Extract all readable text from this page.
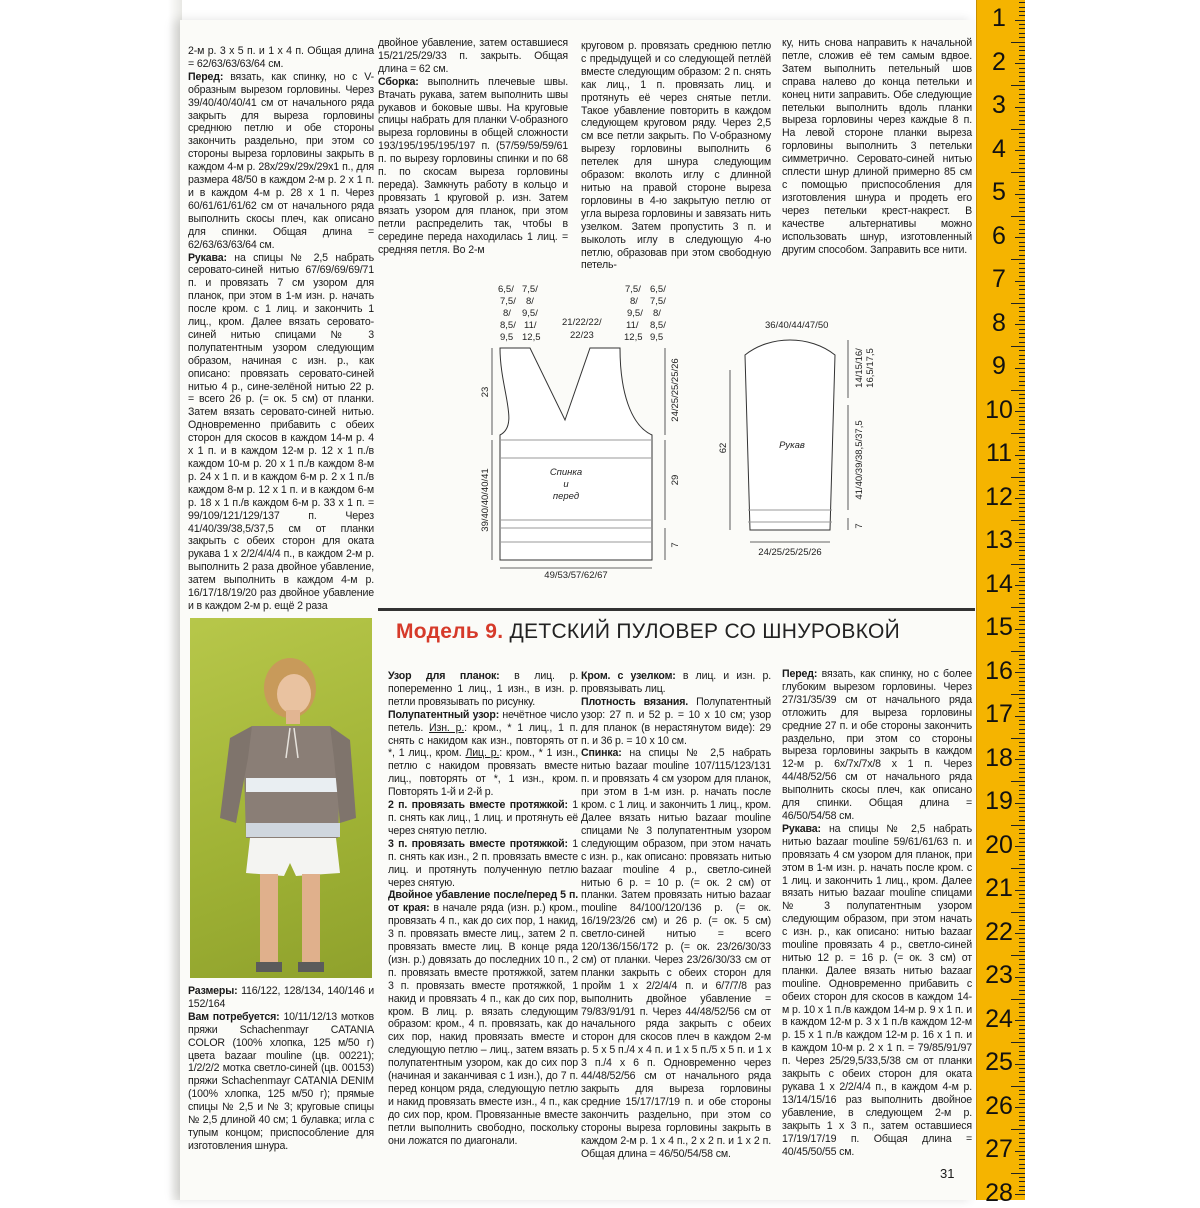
2-м р. 3 х 5 п. и 1 х 4 п. Общая длина = 62/63/63/63/64 см.

Перед: вязать, как спинку, но с V-образным вырезом горловины. Через 39/40/40/40/41 см от начального ряда закрыть для выреза горловины среднюю петлю и обе стороны закончить раздельно, при этом со стороны выреза горловины закрыть в каждом 4-м р. 28х/29х/29х/29х1 п., для размера 48/50 в каждом 2-м р. 2 х 1 п. и в каждом 4-м р. 28 х 1 п. Через 60/61/61/61/62 см от начального ряда выполнить скосы плеч, как описано для спинки. Общая длина = 62/63/63/63/64 см.

Рукава: на спицы № 2,5 набрать серовато-синей нитью 67/69/69/69/71 п. и провязать 7 см узором для планок, при этом в 1-м изн. р. начать после кром. с 1 лиц. и закончить 1 лиц., кром. Далее вязать серовато-синей нитью спицами № 3 полупатентным узором следующим образом, начиная с изн. р., как описано: провязать серовато-синей нитью 4 р., сине-зелёной нитью 22 р. = всего 26 р. (= ок. 5 см) от планки. Затем вязать серовато-синей нитью. Одновременно прибавить с обеих сторон для скосов в каждом 14-м р. 4 х 1 п. и в каждом 12-м р. 12 х 1 п./в каждом 10-м р. 20 х 1 п./в каждом 8-м р. 24 х 1 п. и в каждом 6-м р. 2 х 1 п./в каждом 8-м р. 12 х 1 п. и в каждом 6-м р. 18 х 1 п./в каждом 6-м р. 33 х 1 п. = 99/109/121/129/137 п. Через 41/40/39/38,5/37,5 см от планки закрыть с обеих сторон для оката рукава 1 х 2/2/4/4/4 п., в каждом 2-м р. выполнить 2 раза двойное убавление, затем выполнить в каждом 4-м р. 16/17/18/19/20 раз двойное убавление и в каждом 2-м р. ещё 2 раза

двойное убавление, затем оставшиеся 15/21/25/29/33 п. закрыть. Общая длина = 62 см.

Сборка: выполнить плечевые швы. Втачать рукава, затем выполнить швы рукавов и боковые швы. На круговые спицы набрать для планки V-образного выреза горловины в общей сложности 193/195/195/195/197 п. (57/59/59/59/61 п. по вырезу горловины спинки и по 68 п. по скосам выреза горловины переда). Замкнуть работу в кольцо и провязать 1 круговой р. изн. Затем вязать узором для планок, при этом петли распределить так, чтобы в середине переда находилась 1 лиц. = средняя петля. Во 2-м

круговом р. провязать среднюю петлю с предыдущей и со следующей петлёй вместе следующим образом: 2 п. снять как лиц., 1 п. провязать лиц. и протянуть её через снятые петли. Такое убавление повторить в каждом следующем круговом ряду. Через 2,5 см все петли закрыть. По V-образному вырезу горловины выполнить 6 петелек для шнура следующим образом: вколоть иглу с длинной нитью на правой стороне выреза горловины в 4-ю закрытую петлю от угла выреза горловины и завязать нить узелком. Затем пропустить 3 п. и выколоть иглу в следующую 4-ю петлю, образовав при этом свободную петель-

ку, нить снова направить к начальной петле, сложив её тем самым вдвое. Затем выполнить петельный шов справа налево до конца петельки и конец нити заправить. Обе следующие петельки выполнить вдоль планки выреза горловины через каждые 8 п. На левой стороне планки выреза горловины выполнить 3 петельки симметрично. Серовато-синей нитью сплести шнур длиной примерно 85 см с помощью приспособления для изготовления шнура и продеть его через петельки крест-накрест. В качестве альтернативы можно использовать шнур, изготовленный другим способом. Заправить все нити.

Спинка
и
перед
6,5/
7,5/
8/
8,5/
9,5
7,5/
8/
9,5/
11/
12,5
21/22/22/
22/23
7,5/
8/
9,5/
11/
12,5
6,5/
7,5/
8/
8,5/
9,5
23
39/40/40/40/41
24/25/25/25/26
29
7
49/53/57/62/67
36/40/44/47/50
Рукав
62
14/15/16/ 16,5/17,5
41/40/39/38,5/37,5
7
24/25/25/25/26
Модель 9. ДЕТСКИЙ ПУЛОВЕР СО ШНУРОВКОЙ

Узор для планок: в лиц. р. попеременно 1 лиц., 1 изн., в изн. р. петли провязывать по рисунку.

Полупатентный узор: нечётное число петель. Изн. р.: кром., * 1 лиц., 1 п. снять с накидом как изн., повторять от *, 1 лиц., кром. Лиц. р.: кром., * 1 изн., петлю с накидом провязать вместе лиц., повторять от *, 1 изн., кром. Повторять 1-й и 2-й р.

2 п. провязать вместе протяжкой: 1 п. снять как лиц., 1 лиц. и протянуть её через снятую петлю.

3 п. провязать вместе протяжкой: 1 п. снять как изн., 2 п. провязать вместе лиц. и протянуть полученную петлю через снятую.

Двойное убавление после/перед 5 п. от края: в начале ряда (изн. р.) кром., провязать 4 п., как до сих пор, 1 накид, 3 п. провязать вместе лиц., затем 2 п. провязать вместе лиц. В конце ряда (изн. р.) довязать до последних 10 п., 2 п. провязать вместе протяжкой, затем 3 п. провязать вместе протяжкой, 1 накид и провязать 4 п., как до сих пор, кром. В лиц. р. вязать следующим образом: кром., 4 п. провязать, как до сих пор, накид провязать вместе и следующую петлю – лиц., затем вязать полупатентным узором, как до сих пор (начиная и заканчивая с 1 изн.), до 7 п. перед концом ряда, следующую петлю и накид провязать вместе изн., 4 п., как до сих пор, кром. Провязанные вместе петли выполнить свободно, поскольку они ложатся по диагонали.

Кром. с узелком: в лиц. и изн. р. провязывать лиц.

Плотность вязания. Полупатентный узор: 27 п. и 52 р. = 10 х 10 см; узор для планок (в нерастянутом виде): 29 п. и 36 р. = 10 х 10 см.

Спинка: на спицы № 2,5 набрать нитью bazaar mouline 107/115/123/131 п. и провязать 4 см узором для планок, при этом в 1-м изн. р. начать после кром. с 1 лиц. и закончить 1 лиц., кром. Далее вязать нитью bazaar mouline спицами № 3 полупатентным узором следующим образом, при этом начать с изн. р., как описано: провязать нитью bazaar mouline 4 р., светло-синей нитью 6 р. = 10 р. (= ок. 2 см) от планки. Затем провязать нитью bazaar mouline 84/100/120/136 р. (= ок. 16/19/23/26 см) и 26 р. (= ок. 5 см) светло-синей нитью = всего 120/136/156/172 р. (= ок. 23/26/30/33 см) от планки. Через 23/26/30/33 см от планки закрыть с обеих сторон для пройм 1 х 2/2/4/4 п. и 6/7/7/8 раз выполнить двойное убавление = 79/83/91/91 п. Через 44/48/52/56 см от начального ряда закрыть с обеих сторон для скосов плеч в каждом 2-м р. 5 х 5 п./4 х 4 п. и 1 х 5 п./5 х 5 п. и 1 х 3 п./4 х 6 п. Одновременно через 44/48/52/56 см от начального ряда закрыть для выреза горловины средние 15/17/17/19 п. и обе стороны закончить раздельно, при этом со стороны выреза горловины закрыть в каждом 2-м р. 1 х 4 п., 2 х 2 п. и 1 х 2 п. Общая длина = 46/50/54/58 см.

Перед: вязать, как спинку, но с более глубоким вырезом горловины. Через 27/31/35/39 см от начального ряда отложить для выреза горловины средние 27 п. и обе стороны закончить раздельно, при этом со стороны выреза горловины закрыть в каждом 12-м р. 6х/7х/7х/8 х 1 п. Через 44/48/52/56 см от начального ряда выполнить скосы плеч, как описано для спинки. Общая длина = 46/50/54/58 см.

Рукава: на спицы № 2,5 набрать нитью bazaar mouline 59/61/61/63 п. и провязать 4 см узором для планок, при этом в 1-м изн. р. начать после кром. с 1 лиц. и закончить 1 лиц., кром. Далее вязать нитью bazaar mouline спицами № 3 полупатентным узором следующим образом, при этом начать с изн. р., как описано: нитью bazaar mouline провязать 4 р., светло-синей нитью 12 р. = 16 р. (= ок. 3 см) от планки. Далее вязать нитью bazaar mouline. Одновременно прибавить с обеих сторон для скосов в каждом 14-м р. 10 х 1 п./в каждом 14-м р. 9 х 1 п. и в каждом 12-м р. 3 х 1 п./в каждом 12-м р. 15 х 1 п./в каждом 12-м р. 16 х 1 п. и в каждом 10-м р. 2 х 1 п. = 79/85/91/97 п. Через 25/29,5/33,5/38 см от планки закрыть с обеих сторон для оката рукава 1 х 2/2/4/4 п., в каждом 4-м р. 13/14/15/16 раз выполнить двойное убавление, в следующем 2-м р. закрыть 1 х 3 п., затем оставшиеся 17/19/17/19 п. Общая длина = 40/45/50/55 см.

Размеры: 116/122, 128/134, 140/146 и 152/164

Вам потребуется: 10/11/12/13 мотков пряжи Schachenmayr CATANIA COLOR (100% хлопка, 125 м/50 г) цвета bazaar mouline (цв. 00221); 1/2/2/2 мотка светло-синей (цв. 00153) пряжи Schachenmayr CATANIA DENIM (100% хлопка, 125 м/50 г); прямые спицы № 2,5 и № 3; круговые спицы № 2,5 длиной 40 см; 1 булавка; игла с тупым концом; приспособление для изготовления шнура.

31
1
2
3
4
5
6
7
8
9
10
11
12
13
14
15
16
17
18
19
20
21
22
23
24
25
26
27
28
